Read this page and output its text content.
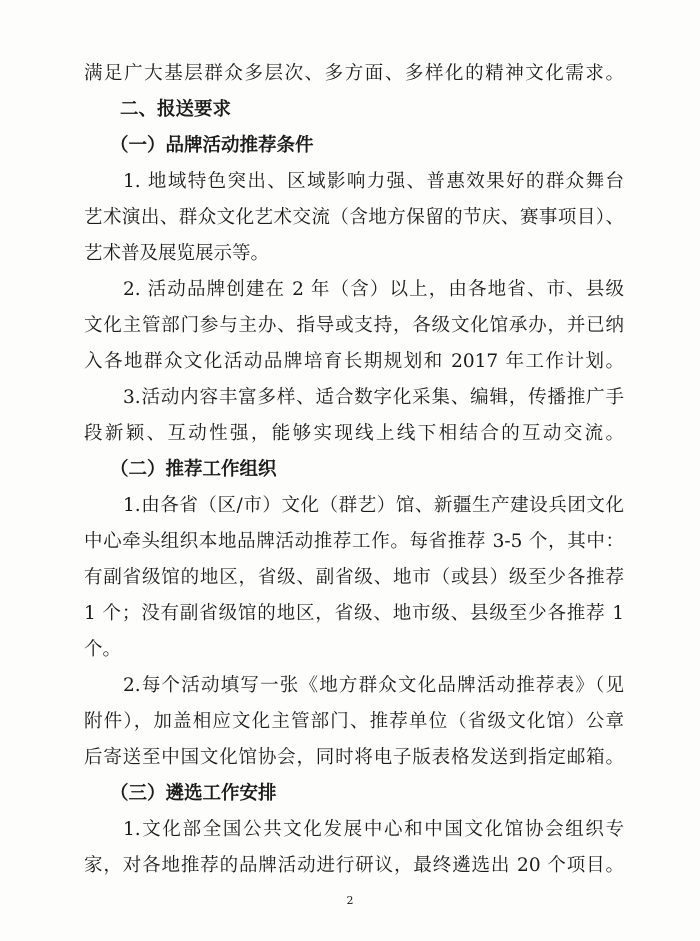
满足广大基层群众多层次、多方面、多样化的精神文化需求。
二、报送要求
（一）品牌活动推荐条件
1. 地域特色突出、区域影响力强、普惠效果好的群众舞台
艺术演出、群众文化艺术交流（含地方保留的节庆、赛事项目）、
艺术普及展览展示等。
2. 活动品牌创建在 2 年（含）以上，由各地省、市、县级
文化主管部门参与主办、指导或支持，各级文化馆承办，并已纳
入各地群众文化活动品牌培育长期规划和 2017 年工作计划。
3.活动内容丰富多样、适合数字化采集、编辑，传播推广手
段新颖、互动性强，能够实现线上线下相结合的互动交流。
（二）推荐工作组织
1.由各省（区/市）文化（群艺）馆、新疆生产建设兵团文化
中心牵头组织本地品牌活动推荐工作。每省推荐 3-5 个，其中：
有副省级馆的地区，省级、副省级、地市（或县）级至少各推荐
1 个；没有副省级馆的地区，省级、地市级、县级至少各推荐 1
个。
2.每个活动填写一张《地方群众文化品牌活动推荐表》（见
附件），加盖相应文化主管部门、推荐单位（省级文化馆）公章
后寄送至中国文化馆协会，同时将电子版表格发送到指定邮箱。
（三）遴选工作安排
1.文化部全国公共文化发展中心和中国文化馆协会组织专
家，对各地推荐的品牌活动进行研议，最终遴选出 20 个项目。
2
